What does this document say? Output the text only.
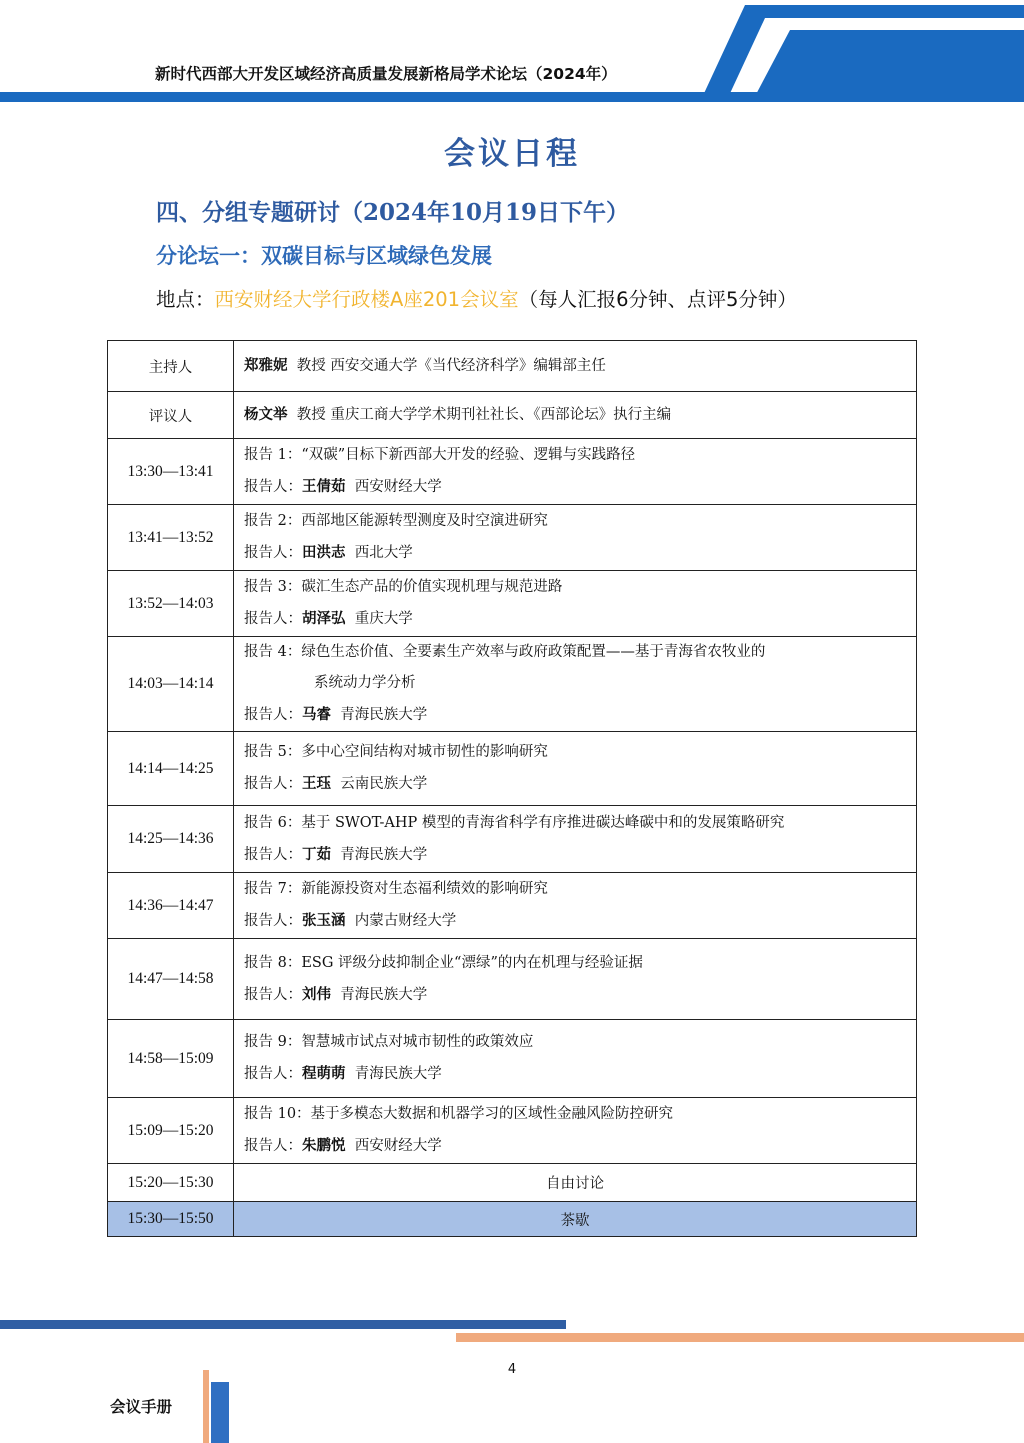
新时代西部大开发区域经济高质量发展新格局学术论坛（2024年）
会议日程
四、分组专题研讨（2024年10月19日下午）
分论坛一：双碳目标与区域绿色发展
地点：西安财经大学行政楼A座201会议室（每人汇报6分钟、点评5分钟）
主持人	郑雅妮 教授 西安交通大学《当代经济科学》编辑部主任

评议人	杨文举 教授 重庆工商大学学术期刊社社长、《西部论坛》执行主编

13:30—13:41	报告 1：“双碳”目标下新西部大开发的经验、逻辑与实践路径
报告人：王倩茹 西安财经大学

13:41—13:52	报告 2：西部地区能源转型测度及时空演进研究
报告人：田洪志 西北大学

13:52—14:03	报告 3：碳汇生态产品的价值实现机理与规范进路
报告人：胡泽弘 重庆大学

14:03—14:14	报告 4：绿色生态价值、全要素生产效率与政府政策配置——基于青海省农牧业的
系统动力学分析
报告人：马睿 青海民族大学

14:14—14:25	报告 5：多中心空间结构对城市韧性的影响研究
报告人：王珏 云南民族大学

14:25—14:36	报告 6：基于 SWOT-AHP 模型的青海省科学有序推进碳达峰碳中和的发展策略研究
报告人：丁茹 青海民族大学

14:36—14:47	报告 7：新能源投资对生态福利绩效的影响研究
报告人：张玉涵 内蒙古财经大学

14:47—14:58	报告 8：ESG 评级分歧抑制企业“漂绿”的内在机理与经验证据
报告人：刘伟 青海民族大学

14:58—15:09	报告 9：智慧城市试点对城市韧性的政策效应
报告人：程萌萌 青海民族大学

15:09—15:20	报告 10：基于多模态大数据和机器学习的区域性金融风险防控研究
报告人：朱鹏悦 西安财经大学

15:20—15:30	自由讨论
15:30—15:50	茶歇
4
会议手册
